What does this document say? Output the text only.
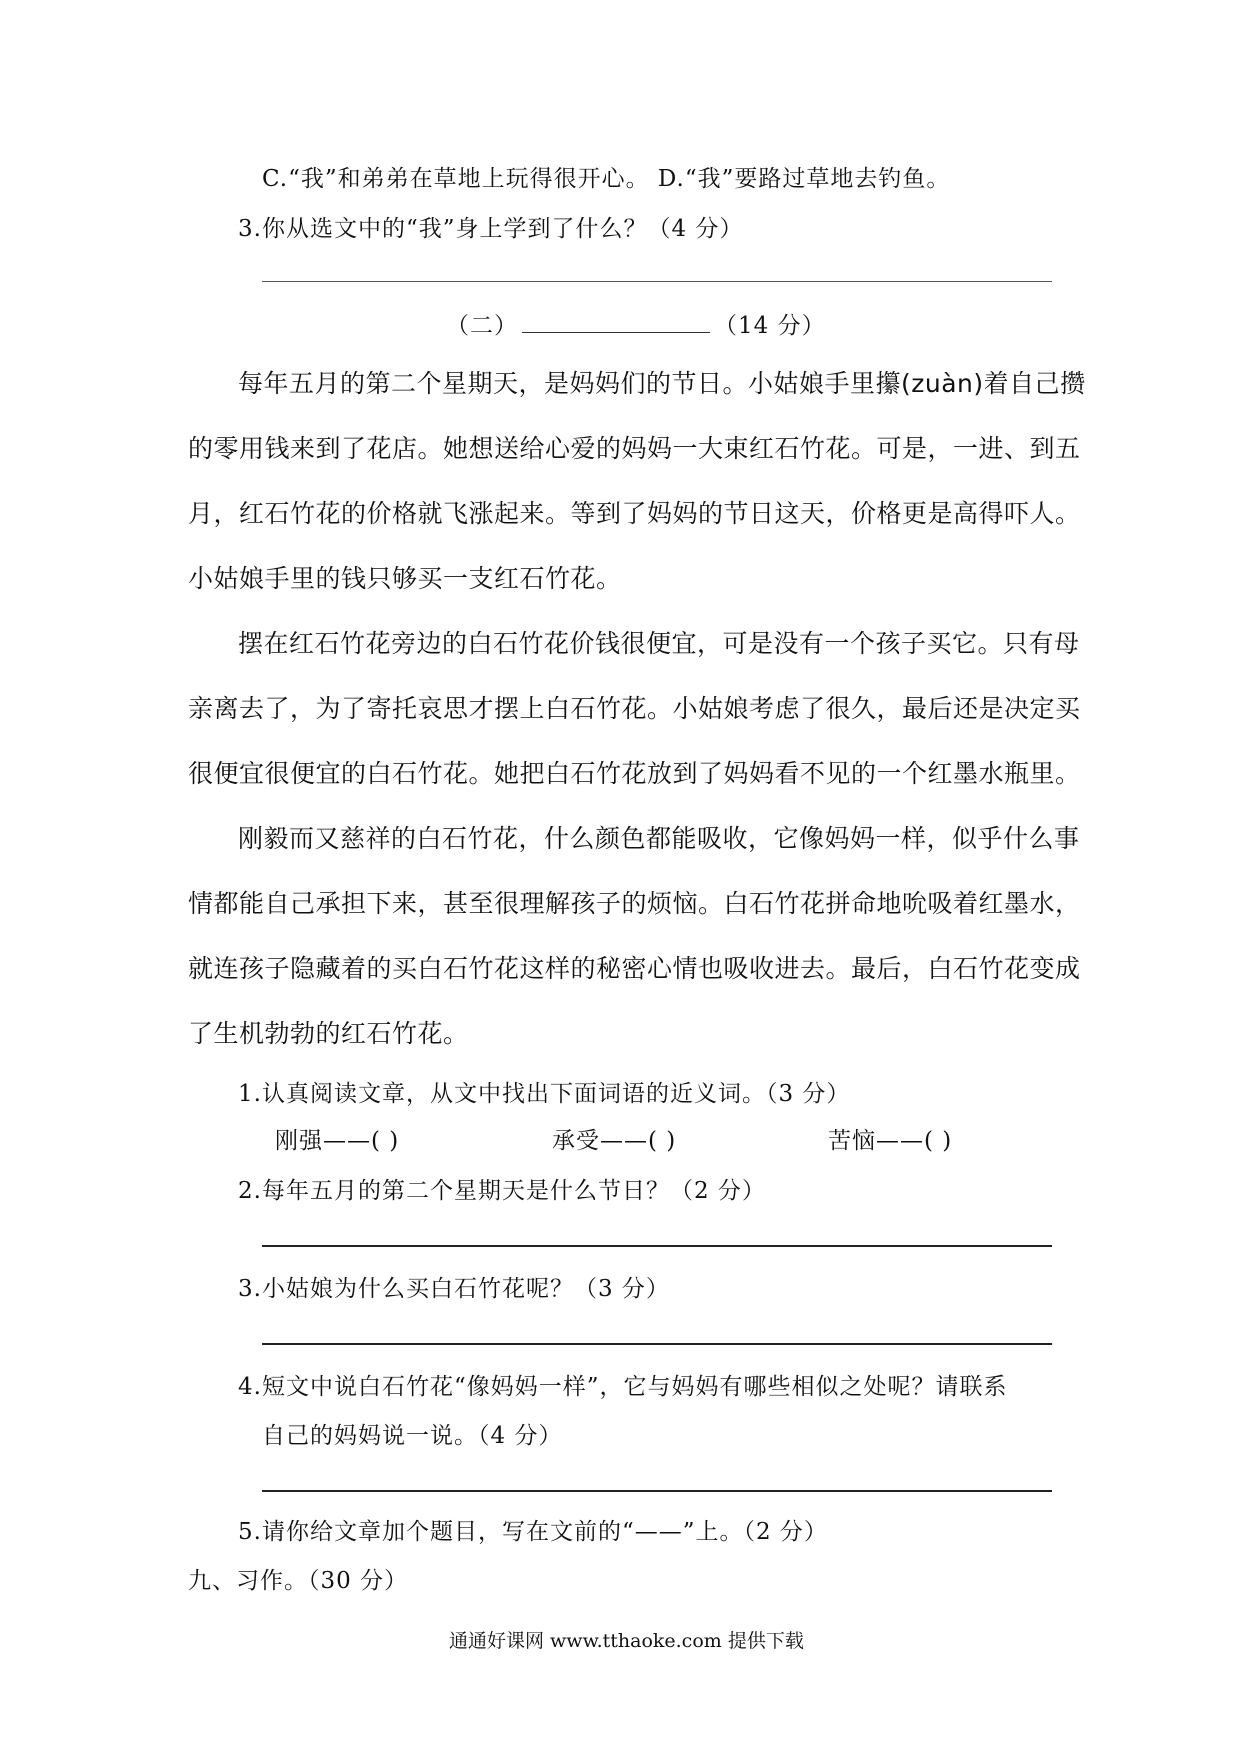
C.“我”和弟弟在草地上玩得很开心。 D.“我”要路过草地去钓鱼。
3.你从选文中的“我”身上学到了什么？（4 分）
（二）	（14 分）
每年五月的第二个星期天，是妈妈们的节日。小姑娘手里攥(zuàn)着自己攒
的零用钱来到了花店。她想送给心爱的妈妈一大束红石竹花。可是，一进、到五
月，红石竹花的价格就飞涨起来。等到了妈妈的节日这天，价格更是高得吓人。
小姑娘手里的钱只够买一支红石竹花。
摆在红石竹花旁边的白石竹花价钱很便宜，可是没有一个孩子买它。只有母
亲离去了，为了寄托哀思才摆上白石竹花。小姑娘考虑了很久，最后还是决定买
很便宜很便宜的白石竹花。她把白石竹花放到了妈妈看不见的一个红墨水瓶里。
刚毅而又慈祥的白石竹花，什么颜色都能吸收，它像妈妈一样，似乎什么事
情都能自己承担下来，甚至很理解孩子的烦恼。白石竹花拼命地吮吸着红墨水，
就连孩子隐藏着的买白石竹花这样的秘密心情也吸收进去。最后，白石竹花变成
了生机勃勃的红石竹花。
1.认真阅读文章，从文中找出下面词语的近义词。（3 分）
刚强——( )	承受——( )	苦恼——( )
2.每年五月的第二个星期天是什么节日？（2 分）
3.小姑娘为什么买白石竹花呢？（3 分）
4.短文中说白石竹花“像妈妈一样”，它与妈妈有哪些相似之处呢？请联系
自己的妈妈说一说。（4 分）
5.请你给文章加个题目，写在文前的“——”上。（2 分）
九、习作。（30 分）
通通好课网 www.tthaoke.com 提供下载
